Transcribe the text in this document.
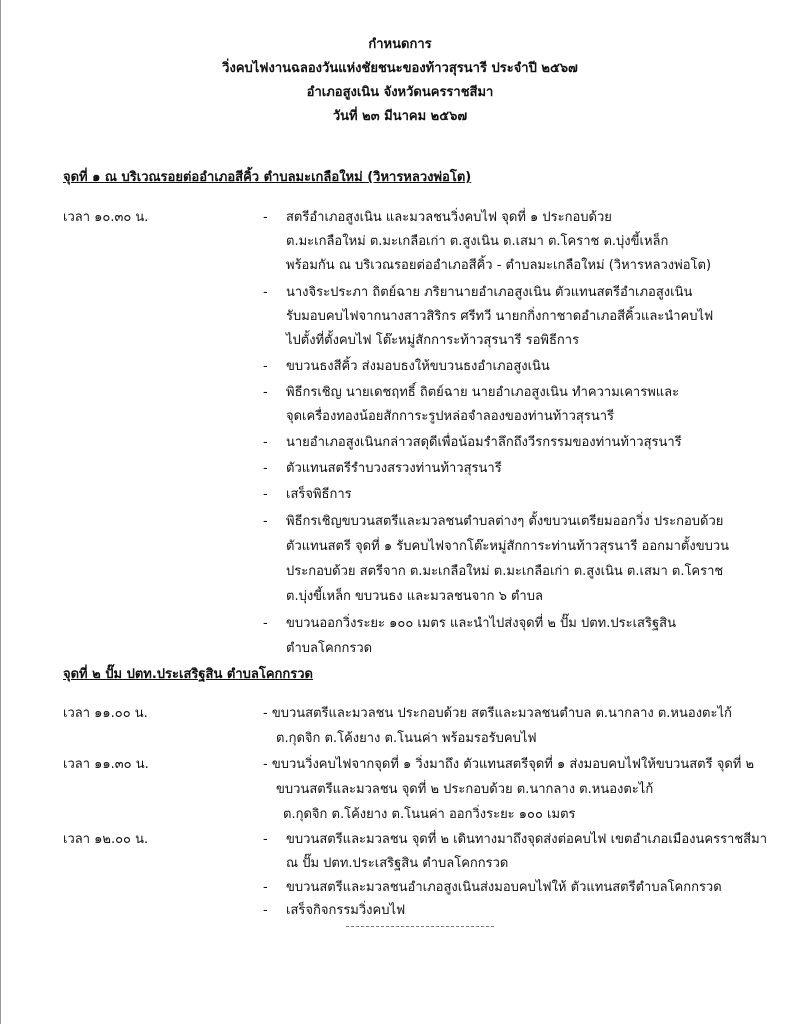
กำหนดการ
วิ่งคบไฟงานฉลองวันแห่งชัยชนะของท้าวสุรนารี ประจำปี ๒๕๖๗
อำเภอสูงเนิน จังหวัดนครราชสีมา
วันที่ ๒๓ มีนาคม ๒๕๖๗
จุดที่ ๑ ณ บริเวณรอยต่ออำเภอสีคิ้ว ตำบลมะเกลือใหม่ (วิหารหลวงพ่อโต)
เวลา ๑๐.๓๐ น.	- สตรีอำเภอสูงเนิน และมวลชนวิ่งคบไฟ จุดที่ ๑ ประกอบด้วย
ต.มะเกลือใหม่ ต.มะเกลือเก่า ต.สูงเนิน ต.เสมา ต.โคราช ต.บุ่งขี้เหล็ก
พร้อมกัน ณ บริเวณรอยต่ออำเภอสีคิ้ว - ตำบลมะเกลือใหม่ (วิหารหลวงพ่อโต)
- นางจิระประภา ถิตย์ฉาย ภริยานายอำเภอสูงเนิน ตัวแทนสตรีอำเภอสูงเนิน
รับมอบคบไฟจากนางสาวสิริกร ศรีทวี นายกกิ่งกาชาดอำเภอสีคิ้วและนำคบไฟ
ไปตั้งที่ตั้งคบไฟ โต๊ะหมู่สักการะท้าวสุรนารี รอพิธีการ
- ขบวนธงสีคิ้ว ส่งมอบธงให้ขบวนธงอำเภอสูงเนิน
- พิธีกรเชิญ นายเดชฤทธิ์ ถิตย์ฉาย นายอำเภอสูงเนิน ทำความเคารพและ
จุดเครื่องทองน้อยสักการะรูปหล่อจำลองของท่านท้าวสุรนารี
- นายอำเภอสูงเนินกล่าวสดุดีเพื่อน้อมรำลึกถึงวีรกรรมของท่านท้าวสุรนารี
- ตัวแทนสตรีรำบวงสรวงท่านท้าวสุรนารี
- เสร็จพิธีการ
- พิธีกรเชิญขบวนสตรีและมวลชนตำบลต่างๆ ตั้งขบวนเตรียมออกวิ่ง ประกอบด้วย
ตัวแทนสตรี จุดที่ ๑ รับคบไฟจากโต๊ะหมู่สักการะท่านท้าวสุรนารี ออกมาตั้งขบวน
ประกอบด้วย สตรีจาก ต.มะเกลือใหม่ ต.มะเกลือเก่า ต.สูงเนิน ต.เสมา ต.โคราช
ต.บุ่งขี้เหล็ก ขบวนธง และมวลชนจาก ๖ ตำบล
- ขบวนออกวิ่งระยะ ๑๐๐ เมตร และนำไปส่งจุดที่ ๒ ปั๊ม ปตท.ประเสริฐสิน
ตำบลโคกกรวด
จุดที่ ๒ ปั๊ม ปตท.ประเสริฐสิน ตำบลโคกกรวด
เวลา ๑๑.๐๐ น.	- ขบวนสตรีและมวลชน ประกอบด้วย สตรีและมวลชนตำบล ต.นากลาง ต.หนองตะไก้
ต.กุดจิก ต.โค้งยาง ต.โนนค่า พร้อมรอรับคบไฟ
เวลา ๑๑.๓๐ น.	- ขบวนวิ่งคบไฟจากจุดที่ ๑ วิ่งมาถึง ตัวแทนสตรีจุดที่ ๑ ส่งมอบคบไฟให้ขบวนสตรี จุดที่ ๒
ขบวนสตรีและมวลชน จุดที่ ๒ ประกอบด้วย ต.นากลาง ต.หนองตะไก้
ต.กุดจิก ต.โค้งยาง ต.โนนค่า ออกวิ่งระยะ ๑๐๐ เมตร
เวลา ๑๒.๐๐ น.	- ขบวนสตรีและมวลชน จุดที่ ๒ เดินทางมาถึงจุดส่งต่อคบไฟ เขตอำเภอเมืองนครราชสีมา
ณ ปั๊ม ปตท.ประเสริฐสิน ตำบลโคกกรวด
- ขบวนสตรีและมวลชนอำเภอสูงเนินส่งมอบคบไฟให้ ตัวแทนสตรีตำบลโคกกรวด
- เสร็จกิจกรรมวิ่งคบไฟ
